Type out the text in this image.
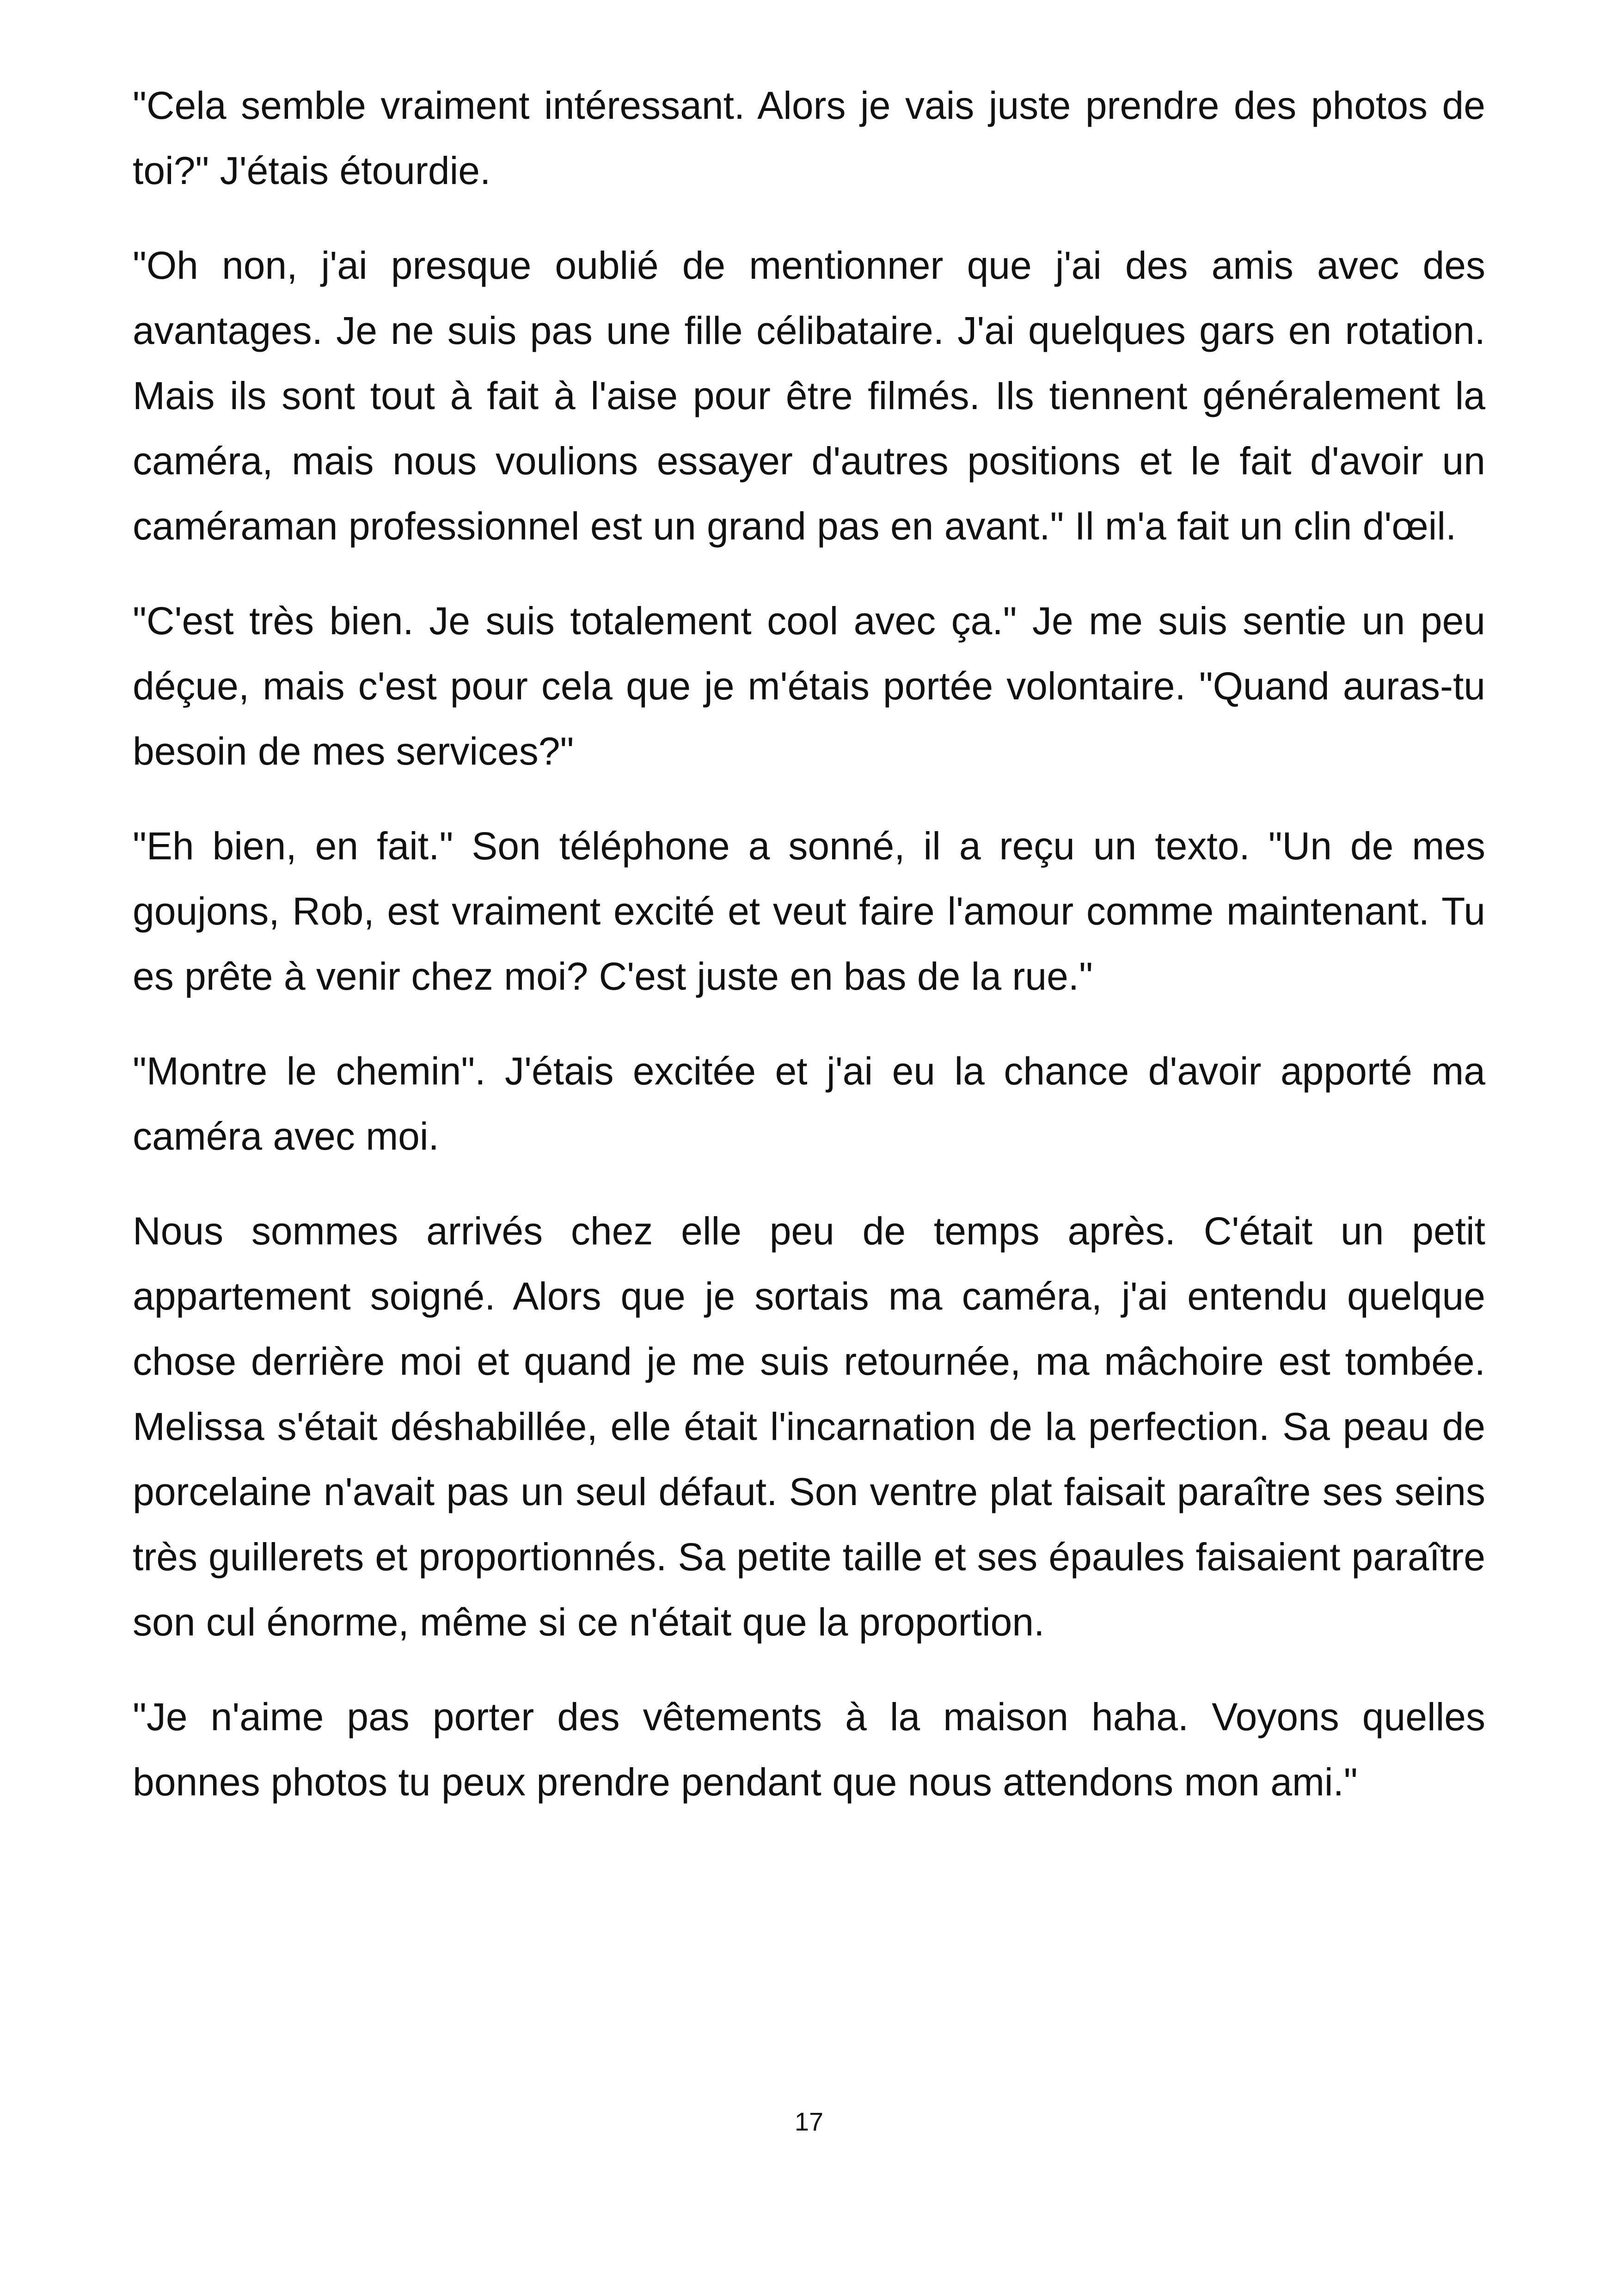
"Cela semble vraiment intéressant. Alors je vais juste prendre des photos de toi?" J'étais étourdie.

"Oh non, j'ai presque oublié de mentionner que j'ai des amis avec des avantages. Je ne suis pas une fille célibataire. J'ai quelques gars en rotation. Mais ils sont tout à fait à l'aise pour être filmés. Ils tiennent généralement la caméra, mais nous voulions essayer d'autres positions et le fait d'avoir un caméraman professionnel est un grand pas en avant." Il m'a fait un clin d'œil.

"C'est très bien. Je suis totalement cool avec ça." Je me suis sentie un peu déçue, mais c'est pour cela que je m'étais portée volontaire. "Quand auras-tu besoin de mes services?"

"Eh bien, en fait." Son téléphone a sonné, il a reçu un texto. "Un de mes goujons, Rob, est vraiment excité et veut faire l'amour comme maintenant. Tu es prête à venir chez moi? C'est juste en bas de la rue."

"Montre le chemin". J'étais excitée et j'ai eu la chance d'avoir apporté ma caméra avec moi.

Nous sommes arrivés chez elle peu de temps après. C'était un petit appartement soigné. Alors que je sortais ma caméra, j'ai entendu quelque chose derrière moi et quand je me suis retournée, ma mâchoire est tombée. Melissa s'était déshabillée, elle était l'incarnation de la perfection. Sa peau de porcelaine n'avait pas un seul défaut. Son ventre plat faisait paraître ses seins très guillerets et proportionnés. Sa petite taille et ses épaules faisaient paraître son cul énorme, même si ce n'était que la proportion.

"Je n'aime pas porter des vêtements à la maison haha. Voyons quelles bonnes photos tu peux prendre pendant que nous attendons mon ami."

17
